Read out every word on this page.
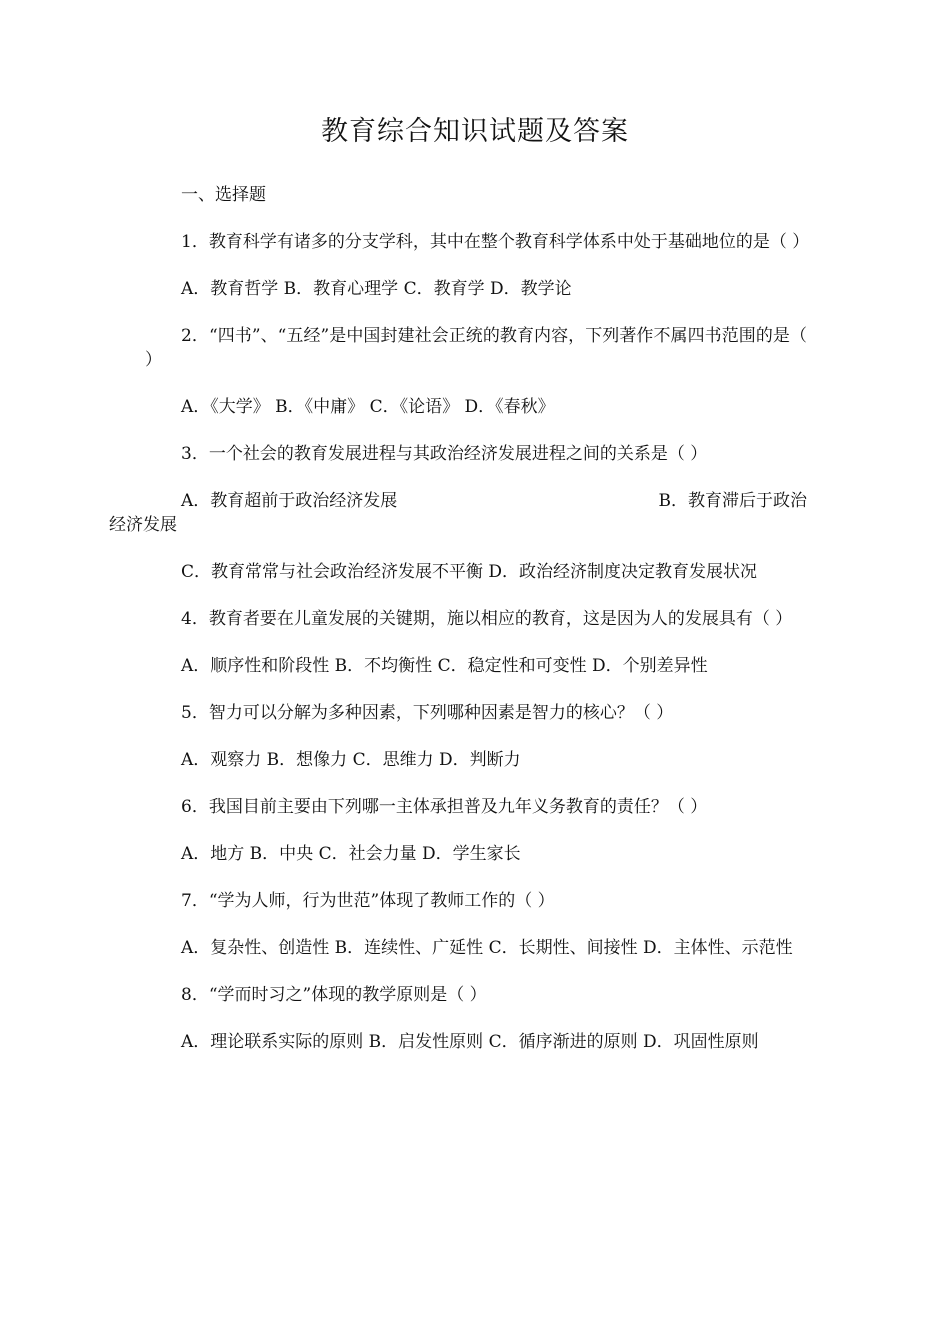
教育综合知识试题及答案
一、选择题
1．教育科学有诸多的分支学科，其中在整个教育科学体系中处于基础地位的是（ ）
A．教育哲学 B．教育心理学 C．教育学 D．教学论
2．“四书”、“五经”是中国封建社会正统的教育内容，下列著作不属四书范围的是（ ）
A．《大学》 B．《中庸》 C．《论语》 D．《春秋》
3．一个社会的教育发展进程与其政治经济发展进程之间的关系是（ ）
A．教育超前于政治经济发展	B．教育滞后于政治
经济发展
C．教育常常与社会政治经济发展不平衡 D．政治经济制度决定教育发展状况
4．教育者要在儿童发展的关键期，施以相应的教育，这是因为人的发展具有（ ）
A．顺序性和阶段性 B．不均衡性 C．稳定性和可变性 D．个别差异性
5．智力可以分解为多种因素，下列哪种因素是智力的核心？（ ）
A．观察力 B．想像力 C．思维力 D．判断力
6．我国目前主要由下列哪一主体承担普及九年义务教育的责任？（ ）
A．地方 B．中央 C．社会力量 D．学生家长
7．“学为人师，行为世范”体现了教师工作的（ ）
A．复杂性、创造性 B．连续性、广延性 C．长期性、间接性 D．主体性、示范性
8．“学而时习之”体现的教学原则是（ ）
A．理论联系实际的原则 B．启发性原则 C．循序渐进的原则 D．巩固性原则
